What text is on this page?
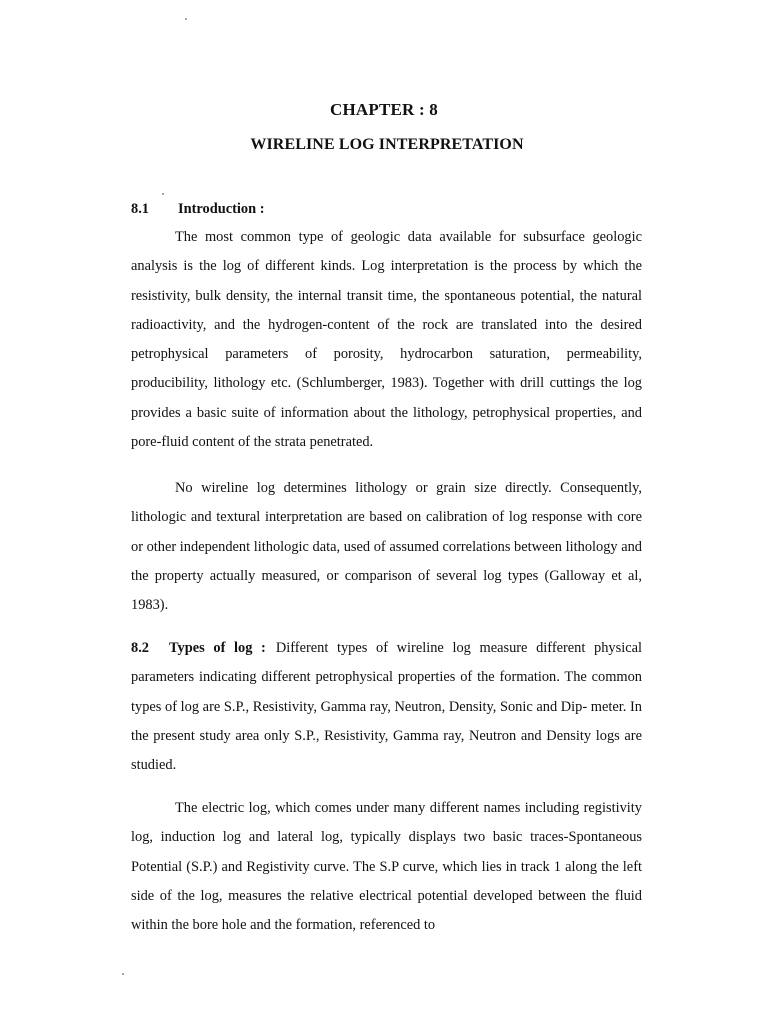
CHAPTER : 8
WIRELINE LOG INTERPRETATION
8.1 Introduction :
The most common type of geologic data available for subsurface geologic analysis is the log of different kinds. Log interpretation is the process by which the resistivity, bulk density, the internal transit time, the spontaneous potential, the natural radioactivity, and the hydrogen-content of the rock are translated into the desired petrophysical parameters of porosity, hydrocarbon saturation, permeability, producibility, lithology etc. (Schlumberger, 1983). Together with drill cuttings the log provides a basic suite of information about the lithology, petrophysical properties, and pore-fluid content of the strata penetrated.
No wireline log determines lithology or grain size directly. Consequently, lithologic and textural interpretation are based on calibration of log response with core or other independent lithologic data, used of assumed correlations between lithology and the property actually measured, or comparison of several log types (Galloway et al, 1983).
8.2 Types of log : Different types of wireline log measure different physical parameters indicating different petrophysical properties of the formation. The common types of log are S.P., Resistivity, Gamma ray, Neutron, Density, Sonic and Dip- meter. In the present study area only S.P., Resistivity, Gamma ray, Neutron and Density logs are studied.
The electric log, which comes under many different names including registivity log, induction log and lateral log, typically displays two basic traces-Spontaneous Potential (S.P.) and Registivity curve. The S.P curve, which lies in track 1 along the left side of the log, measures the relative electrical potential developed between the fluid within the bore hole and the formation, referenced to
